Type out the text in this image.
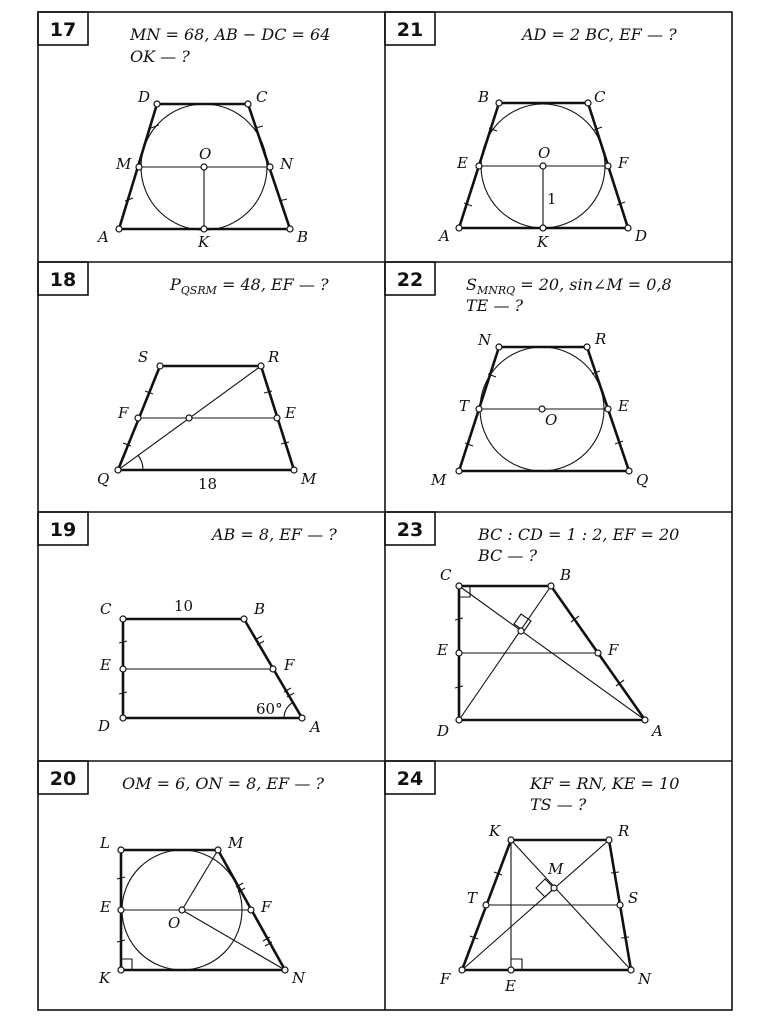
17	MN = 68, AB − DC = 64
OK — ?
D	C
M
O
N
A	K	B
21	AD = 2 BC, EF — ?
B	C
E
O
F
A	K	D
1
18	$P_{QSRM} = 48$, EF — ?
S	R
F	E
Q	M
18
22	$S_{MNRQ} = 20$, sin∠M = 0,8
TE — ?
N	R
T
O
E
M	Q
19	AB = 8, EF — ?
C	B
E	F
D	A
10
60°
23	BC : CD = 1 : 2, EF = 20
BC — ?
C	B
E	F
D	A
20	OM = 6, ON = 8, EF — ?
L	M
E
O
F
K	N
24	KF = RN, KE = 10
TS — ?
K	R
M
T	S
F	E	N
